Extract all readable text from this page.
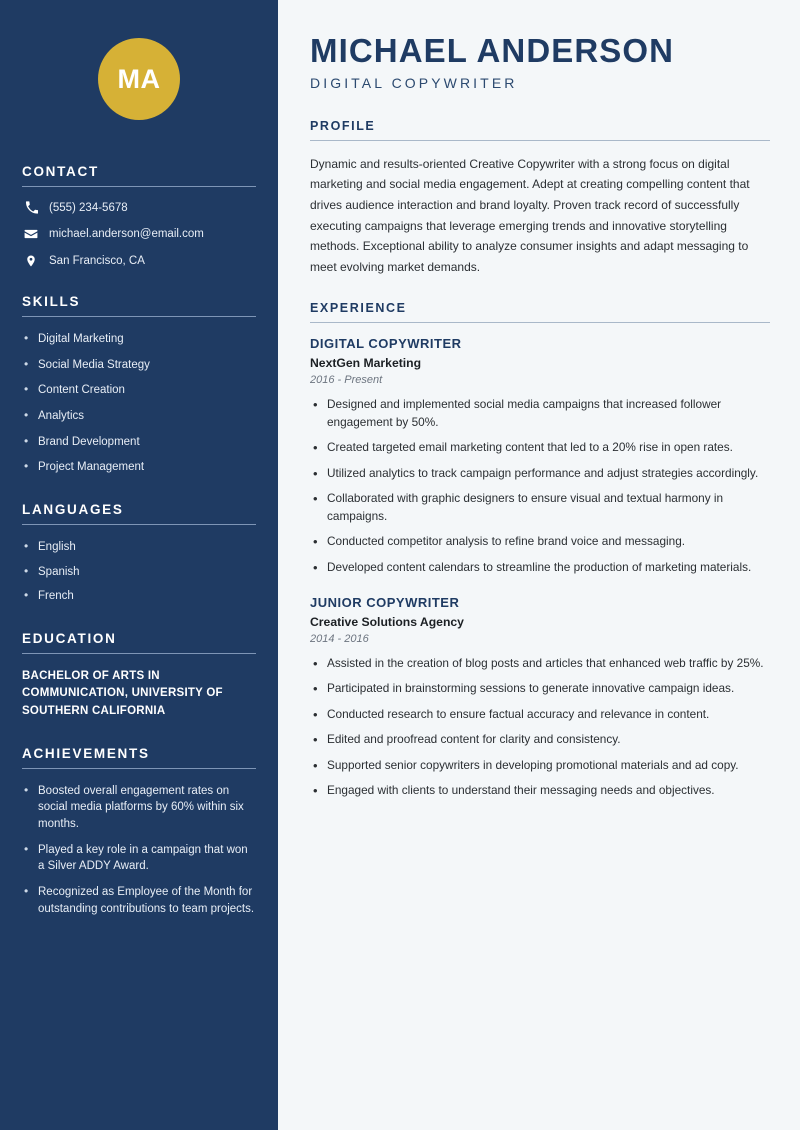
MA
CONTACT
(555) 234-5678
michael.anderson@email.com
San Francisco, CA
SKILLS
• Digital Marketing
• Social Media Strategy
• Content Creation
• Analytics
• Brand Development
• Project Management
LANGUAGES
• English
• Spanish
• French
EDUCATION
BACHELOR OF ARTS IN COMMUNICATION, UNIVERSITY OF SOUTHERN CALIFORNIA
ACHIEVEMENTS
• Boosted overall engagement rates on social media platforms by 60% within six months.
• Played a key role in a campaign that won a Silver ADDY Award.
• Recognized as Employee of the Month for outstanding contributions to team projects.
MICHAEL ANDERSON
DIGITAL COPYWRITER
PROFILE

Dynamic and results-oriented Creative Copywriter with a strong focus on digital marketing and social media engagement. Adept at creating compelling content that drives audience interaction and brand loyalty. Proven track record of successfully executing campaigns that leverage emerging trends and innovative storytelling methods. Exceptional ability to analyze consumer insights and adapt messaging to meet evolving market demands.

EXPERIENCE
DIGITAL COPYWRITER
NextGen Marketing
2016 - Present
• Designed and implemented social media campaigns that increased follower engagement by 50%.
• Created targeted email marketing content that led to a 20% rise in open rates.
• Utilized analytics to track campaign performance and adjust strategies accordingly.
• Collaborated with graphic designers to ensure visual and textual harmony in campaigns.
• Conducted competitor analysis to refine brand voice and messaging.
• Developed content calendars to streamline the production of marketing materials.
JUNIOR COPYWRITER
Creative Solutions Agency
2014 - 2016
• Assisted in the creation of blog posts and articles that enhanced web traffic by 25%.
• Participated in brainstorming sessions to generate innovative campaign ideas.
• Conducted research to ensure factual accuracy and relevance in content.
• Edited and proofread content for clarity and consistency.
• Supported senior copywriters in developing promotional materials and ad copy.
• Engaged with clients to understand their messaging needs and objectives.
